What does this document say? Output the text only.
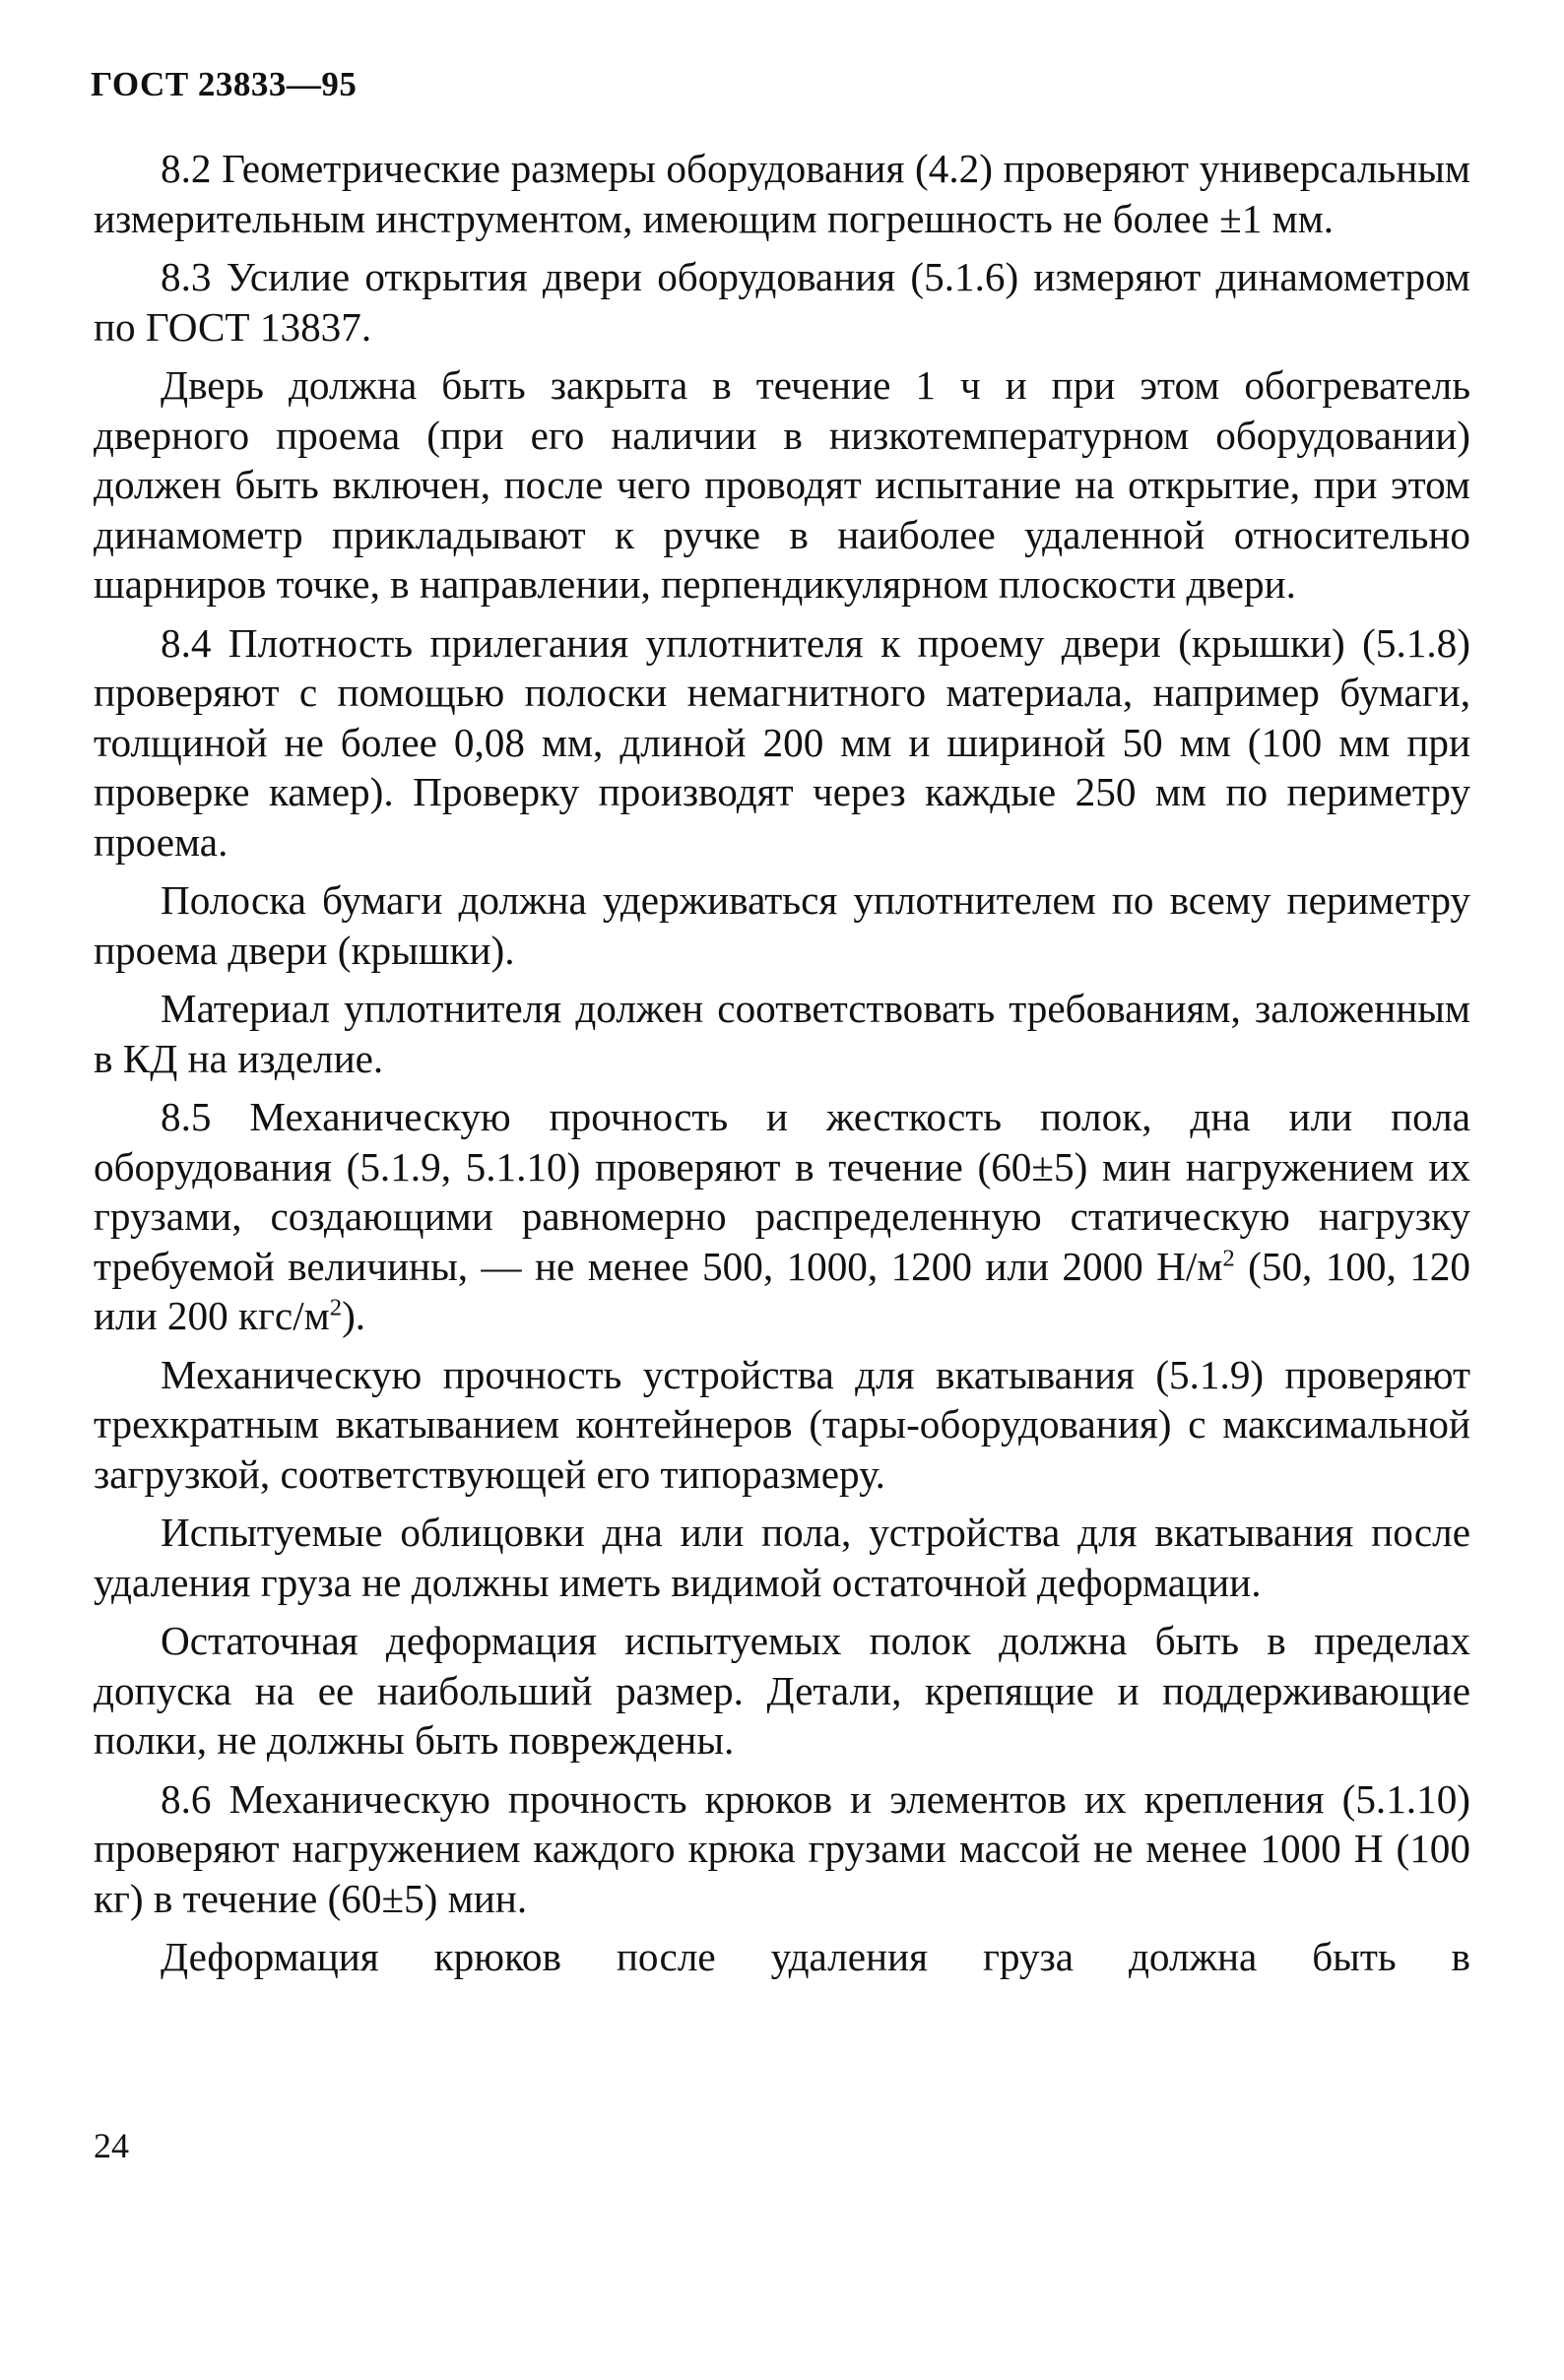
ГОСТ 23833—95

8.2 Геометрические размеры оборудования (4.2) проверяют универсальным измерительным инструментом, имеющим погрешность не более ±1 мм.

8.3 Усилие открытия двери оборудования (5.1.6) измеряют динамометром по ГОСТ 13837.

Дверь должна быть закрыта в течение 1 ч и при этом обогреватель дверного проема (при его наличии в низкотемпературном оборудовании) должен быть включен, после чего проводят испытание на открытие, при этом динамометр прикладывают к ручке в наиболее удаленной относительно шарниров точке, в направлении, перпендикулярном плоскости двери.

8.4 Плотность прилегания уплотнителя к проему двери (крышки) (5.1.8) проверяют с помощью полоски немагнитного материала, например бумаги, толщиной не более 0,08 мм, длиной 200 мм и шириной 50 мм (100 мм при проверке камер). Проверку производят через каждые 250 мм по периметру проема.

Полоска бумаги должна удерживаться уплотнителем по всему периметру проема двери (крышки).

Материал уплотнителя должен соответствовать требованиям, заложенным в КД на изделие.

8.5 Механическую прочность и жесткость полок, дна или пола оборудования (5.1.9, 5.1.10) проверяют в течение (60±5) мин нагружением их грузами, создающими равномерно распределенную статическую нагрузку требуемой величины, — не менее 500, 1000, 1200 или 2000 $Н/м^2$ (50, 100, 120 или 200 кгс/$м^2$).

Механическую прочность устройства для вкатывания (5.1.9) проверяют трехкратным вкатыванием контейнеров (тары-оборудования) с максимальной загрузкой, соответствующей его типоразмеру.

Испытуемые облицовки дна или пола, устройства для вкатывания после удаления груза не должны иметь видимой остаточной деформации.

Остаточная деформация испытуемых полок должна быть в пределах допуска на ее наибольший размер. Детали, крепящие и поддерживающие полки, не должны быть повреждены.

8.6 Механическую прочность крюков и элементов их крепления (5.1.10) проверяют нагружением каждого крюка грузами массой не менее 1000 Н (100 кг) в течение (60±5) мин.

Деформация крюков после удаления груза должна быть в

24
